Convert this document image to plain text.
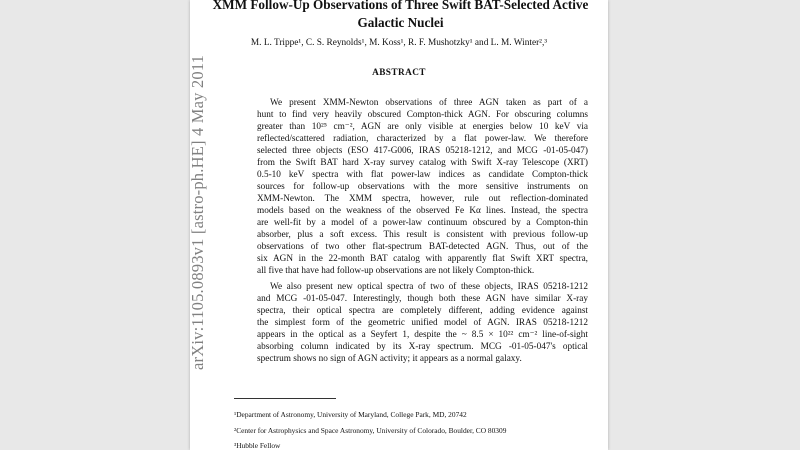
arXiv:1105.0893v1 [astro-ph.HE] 4 May 2011
XMM Follow-Up Observations of Three Swift BAT-Selected Active
Galactic Nuclei
M. L. Trippe¹, C. S. Reynolds¹, M. Koss¹, R. F. Mushotzky¹ and L. M. Winter²,³
ABSTRACT
We present XMM-Newton observations of three AGN taken as part of a
hunt to find very heavily obscured Compton-thick AGN. For obscuring columns
greater than 10²⁵ cm⁻², AGN are only visible at energies below 10 keV via
reflected/scattered radiation, characterized by a flat power-law. We therefore
selected three objects (ESO 417-G006, IRAS 05218-1212, and MCG -01-05-047)
from the Swift BAT hard X-ray survey catalog with Swift X-ray Telescope (XRT)
0.5-10 keV spectra with flat power-law indices as candidate Compton-thick
sources for follow-up observations with the more sensitive instruments on
XMM-Newton. The XMM spectra, however, rule out reflection-dominated
models based on the weakness of the observed Fe Kα lines. Instead, the spectra
are well-fit by a model of a power-law continuum obscured by a Compton-thin
absorber, plus a soft excess. This result is consistent with previous follow-up
observations of two other flat-spectrum BAT-detected AGN. Thus, out of the
six AGN in the 22-month BAT catalog with apparently flat Swift XRT spectra,
all five that have had follow-up observations are not likely Compton-thick.
We also present new optical spectra of two of these objects, IRAS 05218-1212
and MCG -01-05-047. Interestingly, though both these AGN have similar X-ray
spectra, their optical spectra are completely different, adding evidence against
the simplest form of the geometric unified model of AGN. IRAS 05218-1212
appears in the optical as a Seyfert 1, despite the ~ 8.5 × 10²² cm⁻² line-of-sight
absorbing column indicated by its X-ray spectrum. MCG -01-05-047's optical
spectrum shows no sign of AGN activity; it appears as a normal galaxy.
¹Department of Astronomy, University of Maryland, College Park, MD, 20742
²Center for Astrophysics and Space Astronomy, University of Colorado, Boulder, CO 80309
³Hubble Fellow
